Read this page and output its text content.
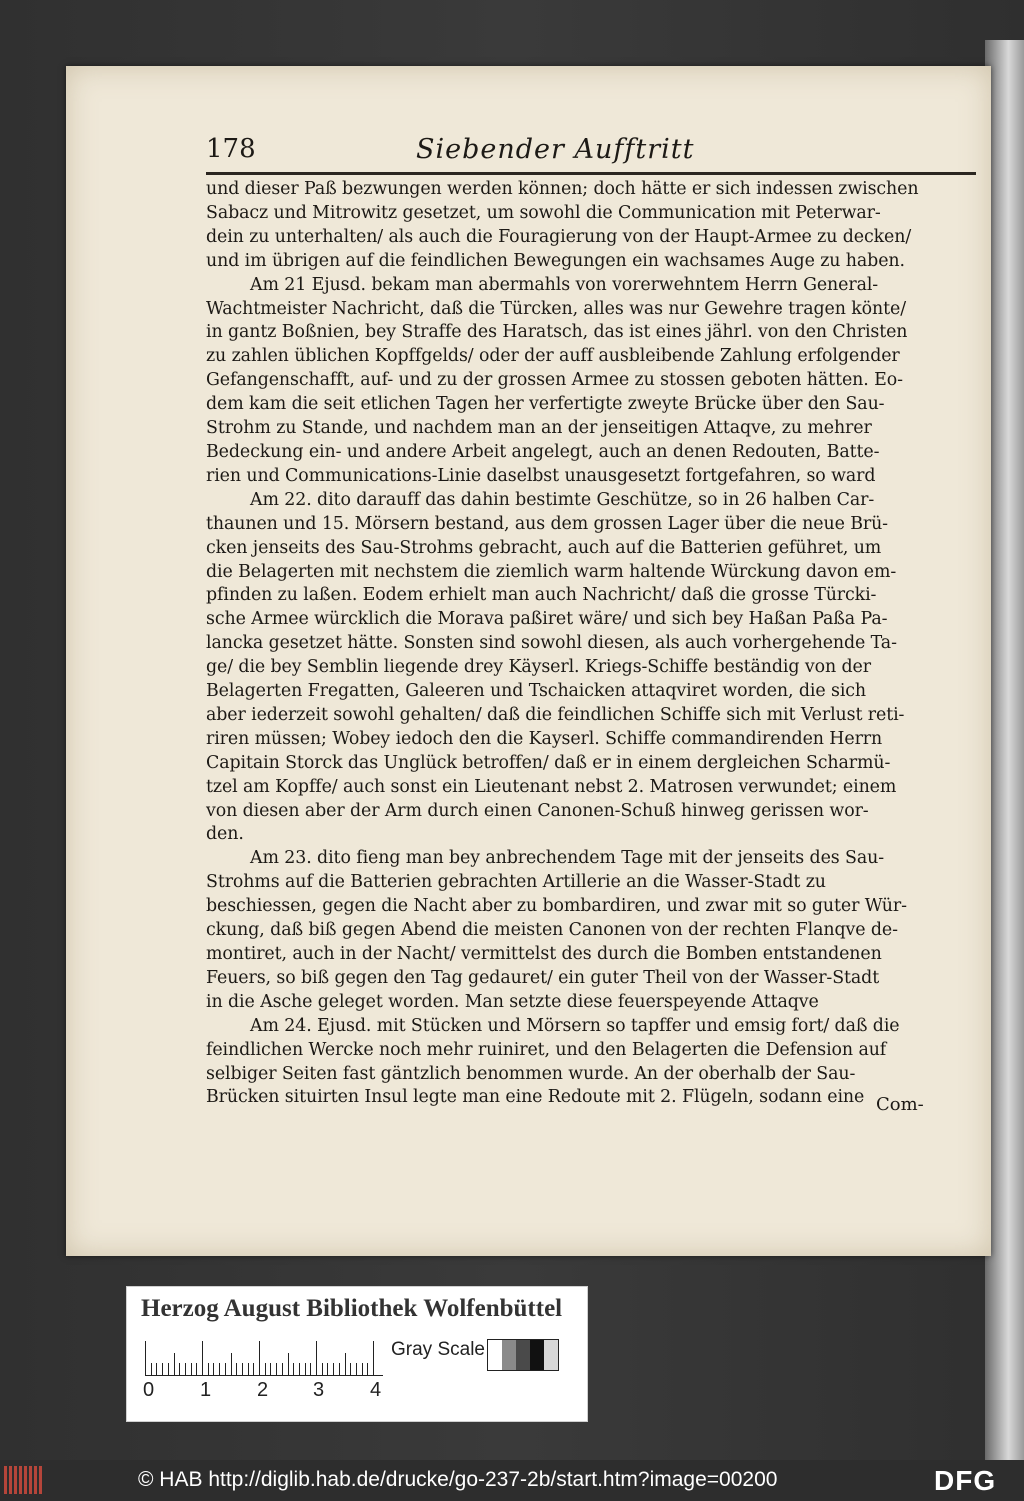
178	Siebender Aufftritt
und dieser Paß bezwungen werden können; doch hätte er sich indessen zwischen
Sabacz und Mitrowitz gesetzet, um sowohl die Communication mit Peterwar-
dein zu unterhalten/ als auch die Fouragierung von der Haupt-Armee zu decken/
und im übrigen auf die feindlichen Bewegungen ein wachsames Auge zu haben.
Am 21 Ejusd. bekam man abermahls von vorerwehntem Herrn General-
Wachtmeister Nachricht, daß die Türcken, alles was nur Gewehre tragen könte/
in gantz Boßnien, bey Straffe des Haratsch, das ist eines jährl. von den Christen
zu zahlen üblichen Kopffgelds/ oder der auff ausbleibende Zahlung erfolgender
Gefangenschafft, auf- und zu der grossen Armee zu stossen geboten hätten. Eo-
dem kam die seit etlichen Tagen her verfertigte zweyte Brücke über den Sau-
Strohm zu Stande, und nachdem man an der jenseitigen Attaqve, zu mehrer
Bedeckung ein- und andere Arbeit angelegt, auch an denen Redouten, Batte-
rien und Communications-Linie daselbst unausgesetzt fortgefahren, so ward
Am 22. dito darauff das dahin bestimte Geschütze, so in 26 halben Car-
thaunen und 15. Mörsern bestand, aus dem grossen Lager über die neue Brü-
cken jenseits des Sau-Strohms gebracht, auch auf die Batterien geführet, um
die Belagerten mit nechstem die ziemlich warm haltende Würckung davon em-
pfinden zu laßen. Eodem erhielt man auch Nachricht/ daß die grosse Türcki-
sche Armee würcklich die Morava paßiret wäre/ und sich bey Haßan Paßa Pa-
lancka gesetzet hätte. Sonsten sind sowohl diesen, als auch vorhergehende Ta-
ge/ die bey Semblin liegende drey Käyserl. Kriegs-Schiffe beständig von der
Belagerten Fregatten, Galeeren und Tschaicken attaqviret worden, die sich
aber iederzeit sowohl gehalten/ daß die feindlichen Schiffe sich mit Verlust reti-
riren müssen; Wobey iedoch den die Kayserl. Schiffe commandirenden Herrn
Capitain Storck das Unglück betroffen/ daß er in einem dergleichen Scharmü-
tzel am Kopffe/ auch sonst ein Lieutenant nebst 2. Matrosen verwundet; einem
von diesen aber der Arm durch einen Canonen-Schuß hinweg gerissen wor-
den.
Am 23. dito fieng man bey anbrechendem Tage mit der jenseits des Sau-
Strohms auf die Batterien gebrachten Artillerie an die Wasser-Stadt zu
beschiessen, gegen die Nacht aber zu bombardiren, und zwar mit so guter Wür-
ckung, daß biß gegen Abend die meisten Canonen von der rechten Flanqve de-
montiret, auch in der Nacht/ vermittelst des durch die Bomben entstandenen
Feuers, so biß gegen den Tag gedauret/ ein guter Theil von der Wasser-Stadt
in die Asche geleget worden. Man setzte diese feuerspeyende Attaqve
Am 24. Ejusd. mit Stücken und Mörsern so tapffer und emsig fort/ daß die
feindlichen Wercke noch mehr ruiniret, und den Belagerten die Defension auf
selbiger Seiten fast gäntzlich benommen wurde. An der oberhalb der Sau-
Brücken situirten Insul legte man eine Redoute mit 2. Flügeln, sodann eine Com-
Herzog August Bibliothek Wolfenbüttel
0 1 2 3 4
Gray Scale
© HAB http://diglib.hab.de/drucke/go-237-2b/start.htm?image=00200	DFG
